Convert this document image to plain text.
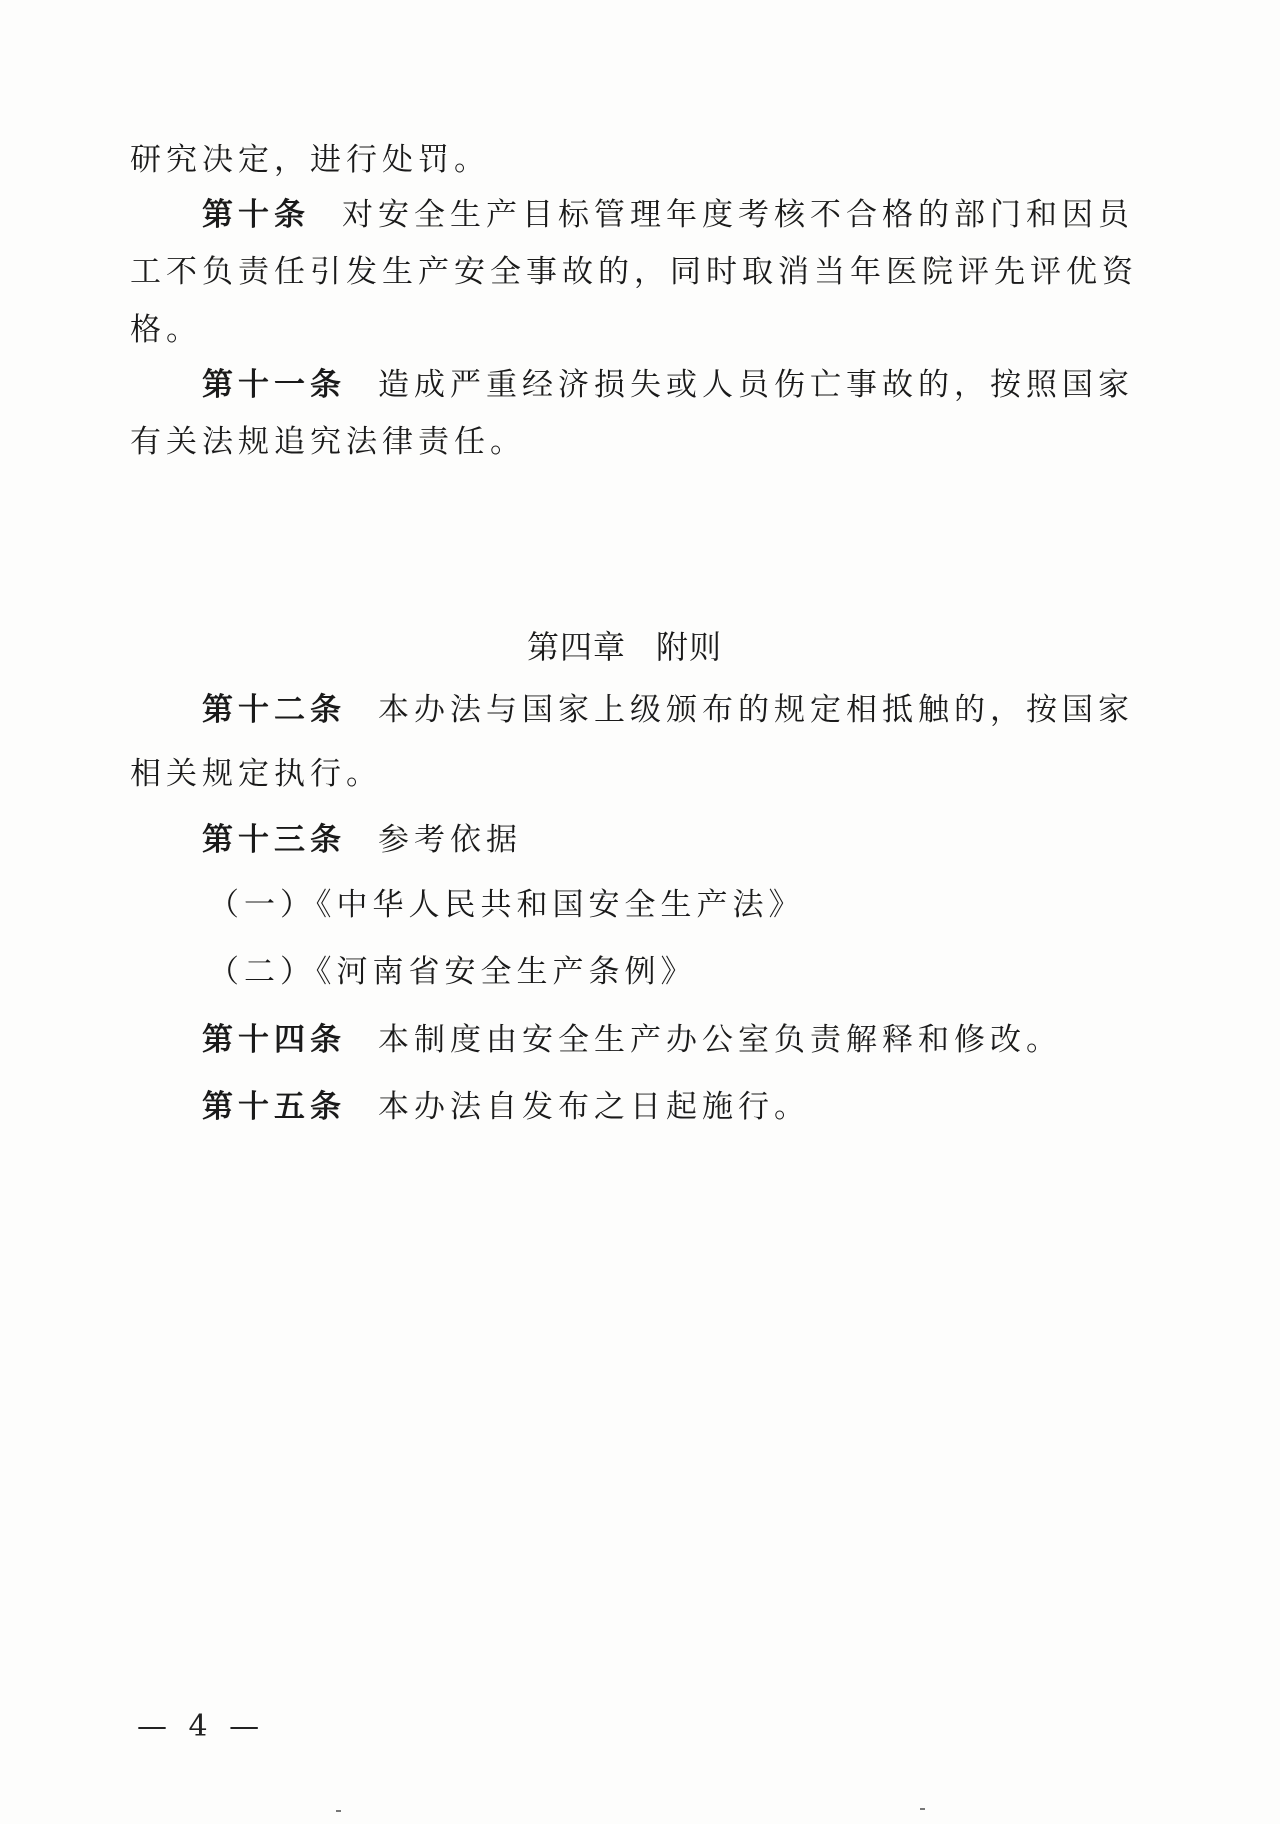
研究决定，进行处罚。
第十条 对安全生产目标管理年度考核不合格的部门和因员
工不负责任引发生产安全事故的，同时取消当年医院评先评优资
格。
第十一条 造成严重经济损失或人员伤亡事故的，按照国家
有关法规追究法律责任。
第四章 附则
第十二条 本办法与国家上级颁布的规定相抵触的，按国家
相关规定执行。
第十三条 参考依据
（一）《中华人民共和国安全生产法》
（二）《河南省安全生产条例》
第十四条 本制度由安全生产办公室负责解释和修改。
第十五条 本办法自发布之日起施行。
— 4 —
